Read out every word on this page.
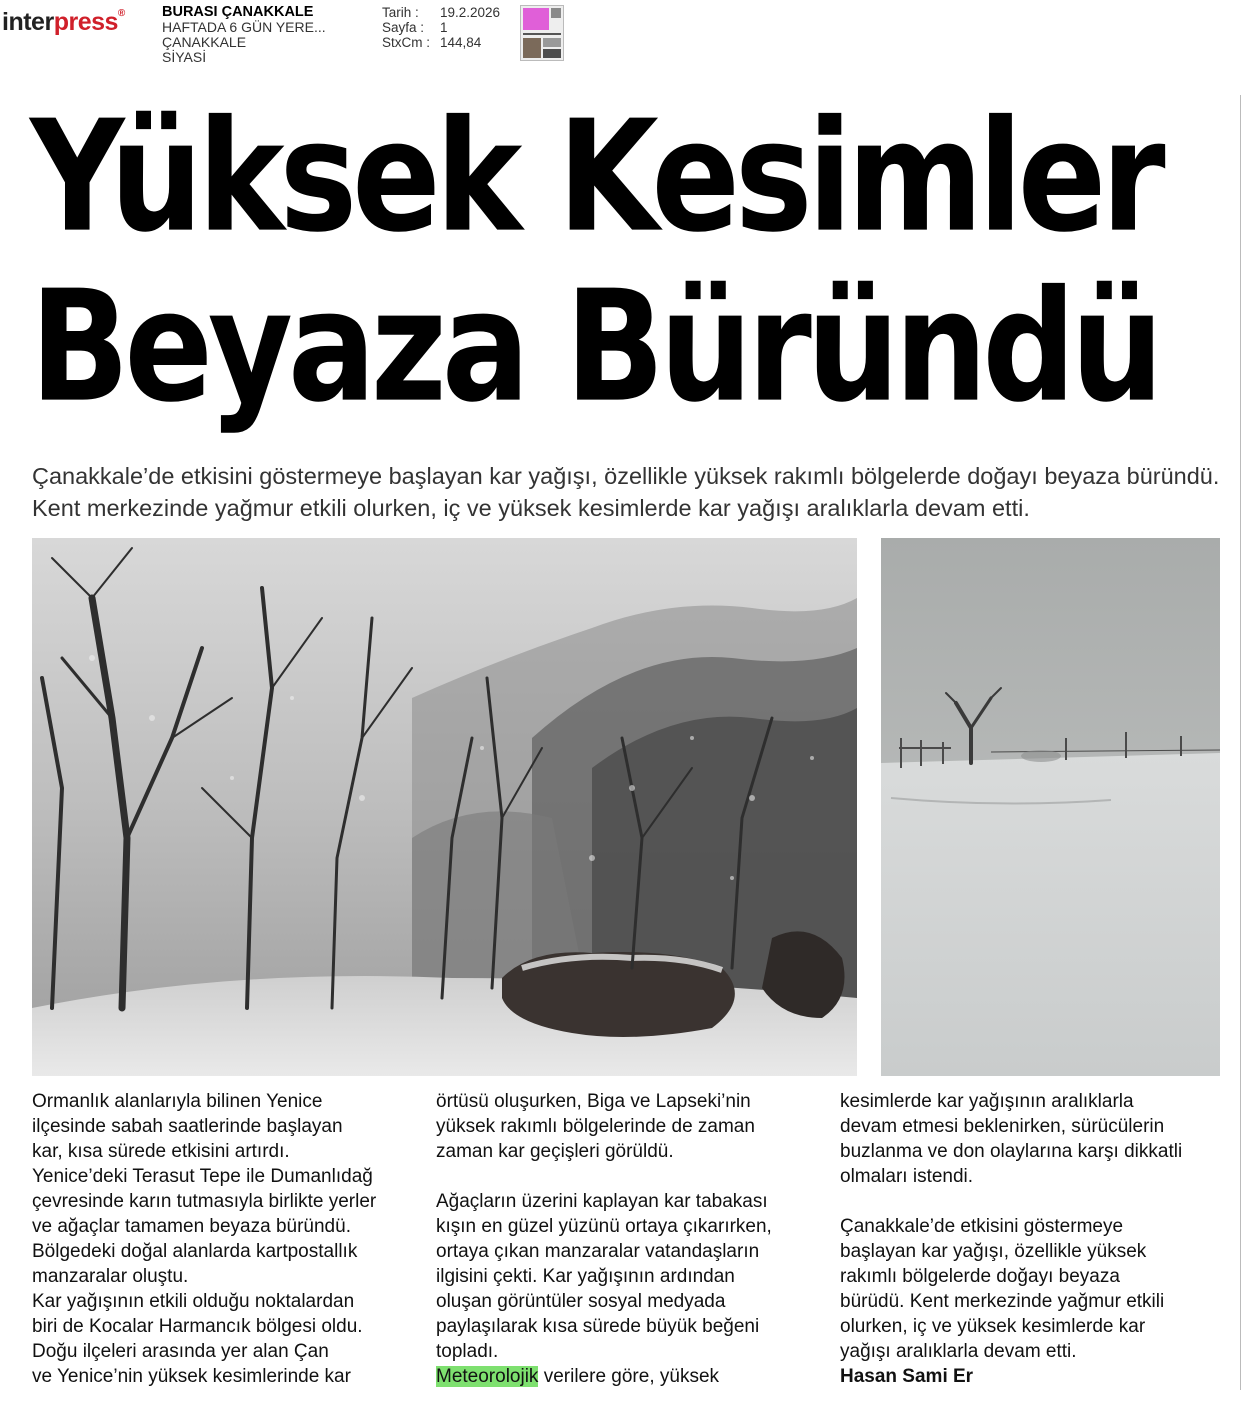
interpress®	BURASI ÇANAKKALE
HAFTADA 6 GÜN YERE...
ÇANAKKALE
SİYASİ
Tarih :	19.2.2026
Sayfa :	1
StxCm : 144,84
Yüksek Kesimler
Beyaza Büründü
Çanakkale’de etkisini göstermeye başlayan kar yağışı, özellikle yüksek rakımlı bölgelerde doğayı beyaza büründü. Kent merkezinde yağmur etkili olurken, iç ve yüksek kesimlerde kar yağışı aralıklarla devam etti.

Ormanlık alanlarıyla bilinen Yenice
ilçesinde sabah saatlerinde başlayan
kar, kısa sürede etkisini artırdı.
Yenice’deki Terasut Tepe ile Dumanlıdağ
çevresinde karın tutmasıyla birlikte yerler
ve ağaçlar tamamen beyaza büründü.
Bölgedeki doğal alanlarda kartpostallık
manzaralar oluştu.
Kar yağışının etkili olduğu noktalardan
biri de Kocalar Harmancık bölgesi oldu.
Doğu ilçeleri arasında yer alan Çan
ve Yenice’nin yüksek kesimlerinde kar

örtüsü oluşurken, Biga ve Lapseki’nin
yüksek rakımlı bölgelerinde de zaman
zaman kar geçişleri görüldü.

Ağaçların üzerini kaplayan kar tabakası
kışın en güzel yüzünü ortaya çıkarırken,
ortaya çıkan manzaralar vatandaşların
ilgisini çekti. Kar yağışının ardından
oluşan görüntüler sosyal medyada
paylaşılarak kısa sürede büyük beğeni
topladı.

Meteorolojik verilere göre, yüksek

kesimlerde kar yağışının aralıklarla
devam etmesi beklenirken, sürücülerin
buzlanma ve don olaylarına karşı dikkatli
olmaları istendi.

Çanakkale’de etkisini göstermeye
başlayan kar yağışı, özellikle yüksek
rakımlı bölgelerde doğayı beyaza
bürüdü. Kent merkezinde yağmur etkili
olurken, iç ve yüksek kesimlerde kar
yağışı aralıklarla devam etti.

Hasan Sami Er
